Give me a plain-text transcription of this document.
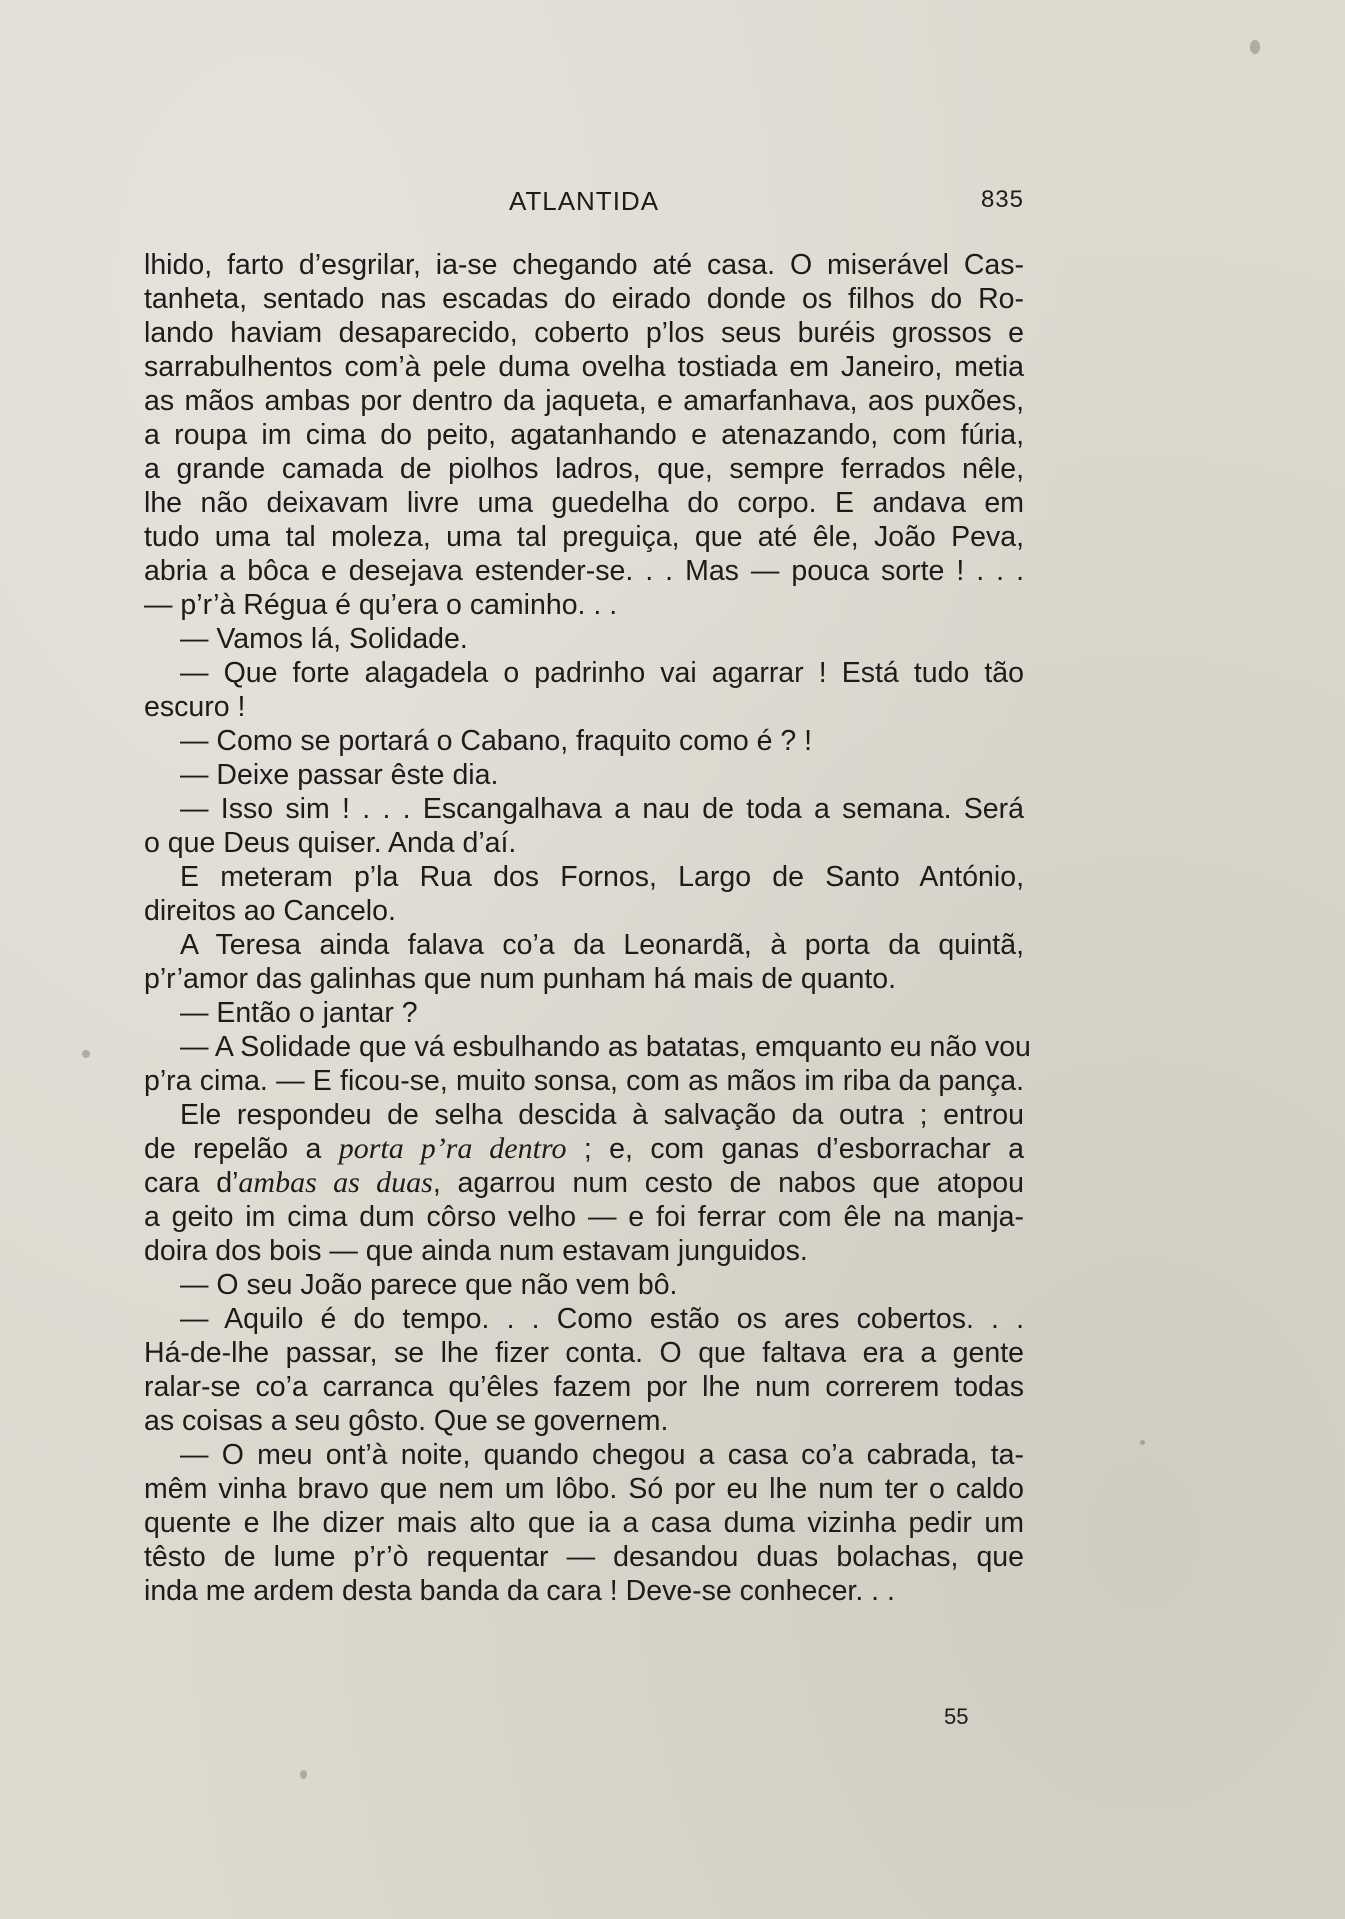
ATLANTIDA	835
lhido, farto d’esgrilar, ia-se chegando até casa. O miserável Cas-
tanheta, sentado nas escadas do eirado donde os filhos do Ro-
lando haviam desaparecido, coberto p’los seus buréis grossos e
sarrabulhentos com’à pele duma ovelha tostiada em Janeiro, metia
as mãos ambas por dentro da jaqueta, e amarfanhava, aos puxões,
a roupa im cima do peito, agatanhando e atenazando, com fúria,
a grande camada de piolhos ladros, que, sempre ferrados nêle,
lhe não deixavam livre uma guedelha do corpo. E andava em
tudo uma tal moleza, uma tal preguiça, que até êle, João Peva,
abria a bôca e desejava estender-se. . . Mas — pouca sorte ! . . .
— p’r’à Régua é qu’era o caminho. . .
— Vamos lá, Solidade.
— Que forte alagadela o padrinho vai agarrar ! Está tudo tão
escuro !
— Como se portará o Cabano, fraquito como é ? !
— Deixe passar êste dia.
— Isso sim ! . . . Escangalhava a nau de toda a semana. Será
o que Deus quiser. Anda d’aí.
E meteram p’la Rua dos Fornos, Largo de Santo António,
direitos ao Cancelo.
A Teresa ainda falava co’a da Leonardã, à porta da quintã,
p’r’amor das galinhas que num punham há mais de quanto.
— Então o jantar ?
— A Solidade que vá esbulhando as batatas, emquanto eu não vou
p’ra cima. — E ficou-se, muito sonsa, com as mãos im riba da pança.
Ele respondeu de selha descida à salvação da outra ; entrou
de repelão a porta p’ra dentro ; e, com ganas d’esborrachar a
cara d’ambas as duas, agarrou num cesto de nabos que atopou
a geito im cima dum côrso velho — e foi ferrar com êle na manja-
doira dos bois — que ainda num estavam junguidos.
— O seu João parece que não vem bô.
— Aquilo é do tempo. . . Como estão os ares cobertos. . .
Há-de-lhe passar, se lhe fizer conta. O que faltava era a gente
ralar-se co’a carranca qu’êles fazem por lhe num correrem todas
as coisas a seu gôsto. Que se governem.
— O meu ont’à noite, quando chegou a casa co’a cabrada, ta-
mêm vinha bravo que nem um lôbo. Só por eu lhe num ter o caldo
quente e lhe dizer mais alto que ia a casa duma vizinha pedir um
têsto de lume p’r’ò requentar — desandou duas bolachas, que
inda me ardem desta banda da cara ! Deve-se conhecer. . .
55
